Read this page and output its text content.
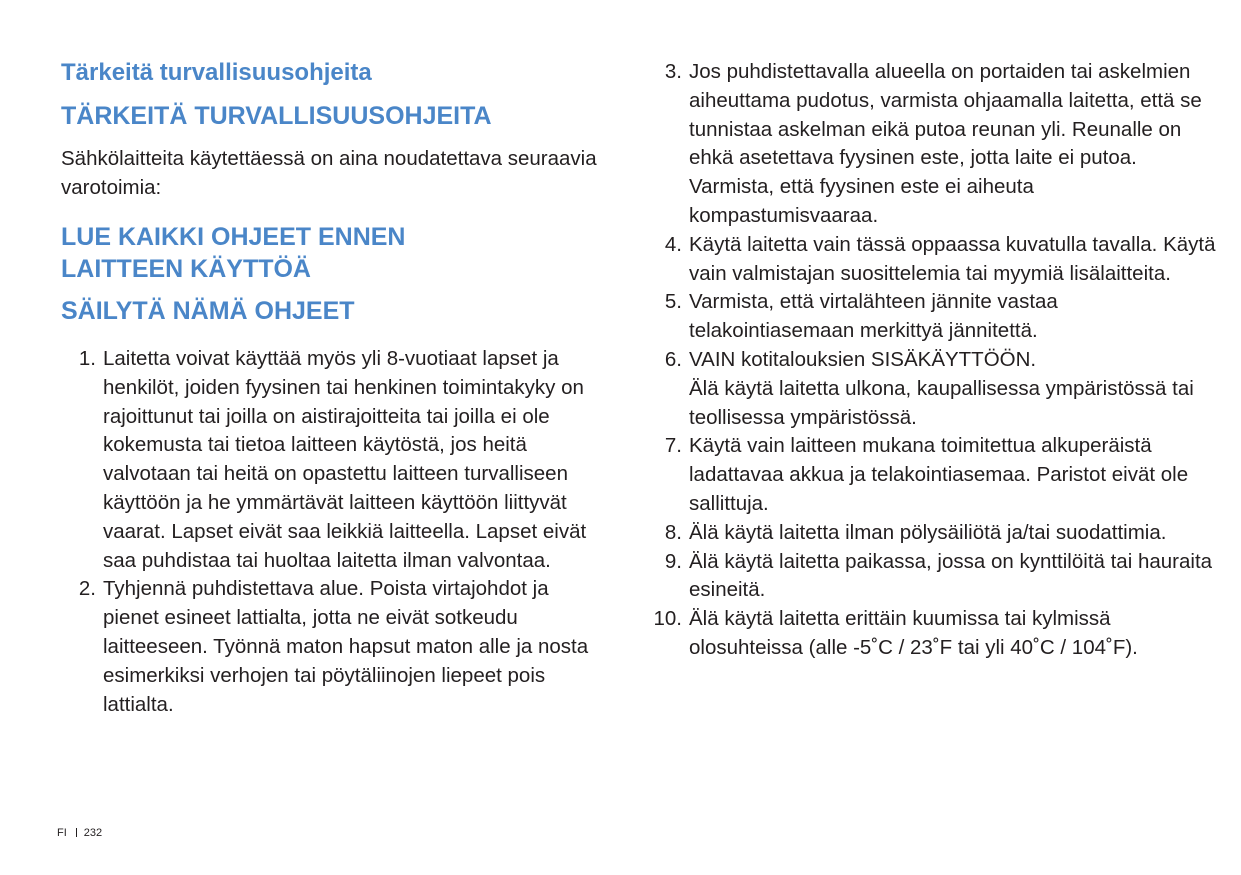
Tärkeitä turvallisuusohjeita
TÄRKEITÄ TURVALLISUUSOHJEITA

Sähkölaitteita käytettäessä on aina noudatettava seuraavia varotoimia:

LUE KAIKKI OHJEET ENNEN
LAITTEEN KÄYTTÖÄ
SÄILYTÄ NÄMÄ OHJEET
1. Laitetta voivat käyttää myös yli 8-vuotiaat lapset ja henkilöt, joiden fyysinen tai henkinen toimintakyky on rajoittunut tai joilla on aistirajoitteita tai joilla ei ole kokemusta tai tietoa laitteen käytöstä, jos heitä valvotaan tai heitä on opastettu laitteen turvalliseen käyttöön ja he ymmärtävät laitteen käyttöön liittyvät vaarat. Lapset eivät saa leikkiä laitteella. Lapset eivät saa puhdistaa tai huoltaa laitetta ilman valvontaa.
2. Tyhjennä puhdistettava alue. Poista virtajohdot ja pienet esineet lattialta, jotta ne eivät sotkeudu laitteeseen. Työnnä maton hapsut maton alle ja nosta esimerkiksi verhojen tai pöytäliinojen liepeet pois lattialta.
3. Jos puhdistettavalla alueella on portaiden tai askelmien aiheuttama pudotus, varmista ohjaamalla laitetta, että se tunnistaa askelman eikä putoa reunan yli. Reunalle on ehkä asetettava fyysinen este, jotta laite ei putoa. Varmista, että fyysinen este ei aiheuta kompastumisvaaraa.
4. Käytä laitetta vain tässä oppaassa kuvatulla tavalla. Käytä vain valmistajan suosittelemia tai myymiä lisälaitteita.
5. Varmista, että virtalähteen jännite vastaa telakointiasemaan merkittyä jännitettä.
6. VAIN kotitalouksien SISÄKÄYTTÖÖN.
Älä käytä laitetta ulkona, kaupallisessa ympäristössä tai teollisessa ympäristössä.
7. Käytä vain laitteen mukana toimitettua alkuperäistä ladattavaa akkua ja telakointiasemaa. Paristot eivät ole sallittuja.
8. Älä käytä laitetta ilman pölysäiliötä ja/tai suodattimia.
9. Älä käytä laitetta paikassa, jossa on kynttilöitä tai hauraita esineitä.
10. Älä käytä laitetta erittäin kuumissa tai kylmissä olosuhteissa (alle -5˚C / 23˚F tai yli 40˚C / 104˚F).
FI 232
